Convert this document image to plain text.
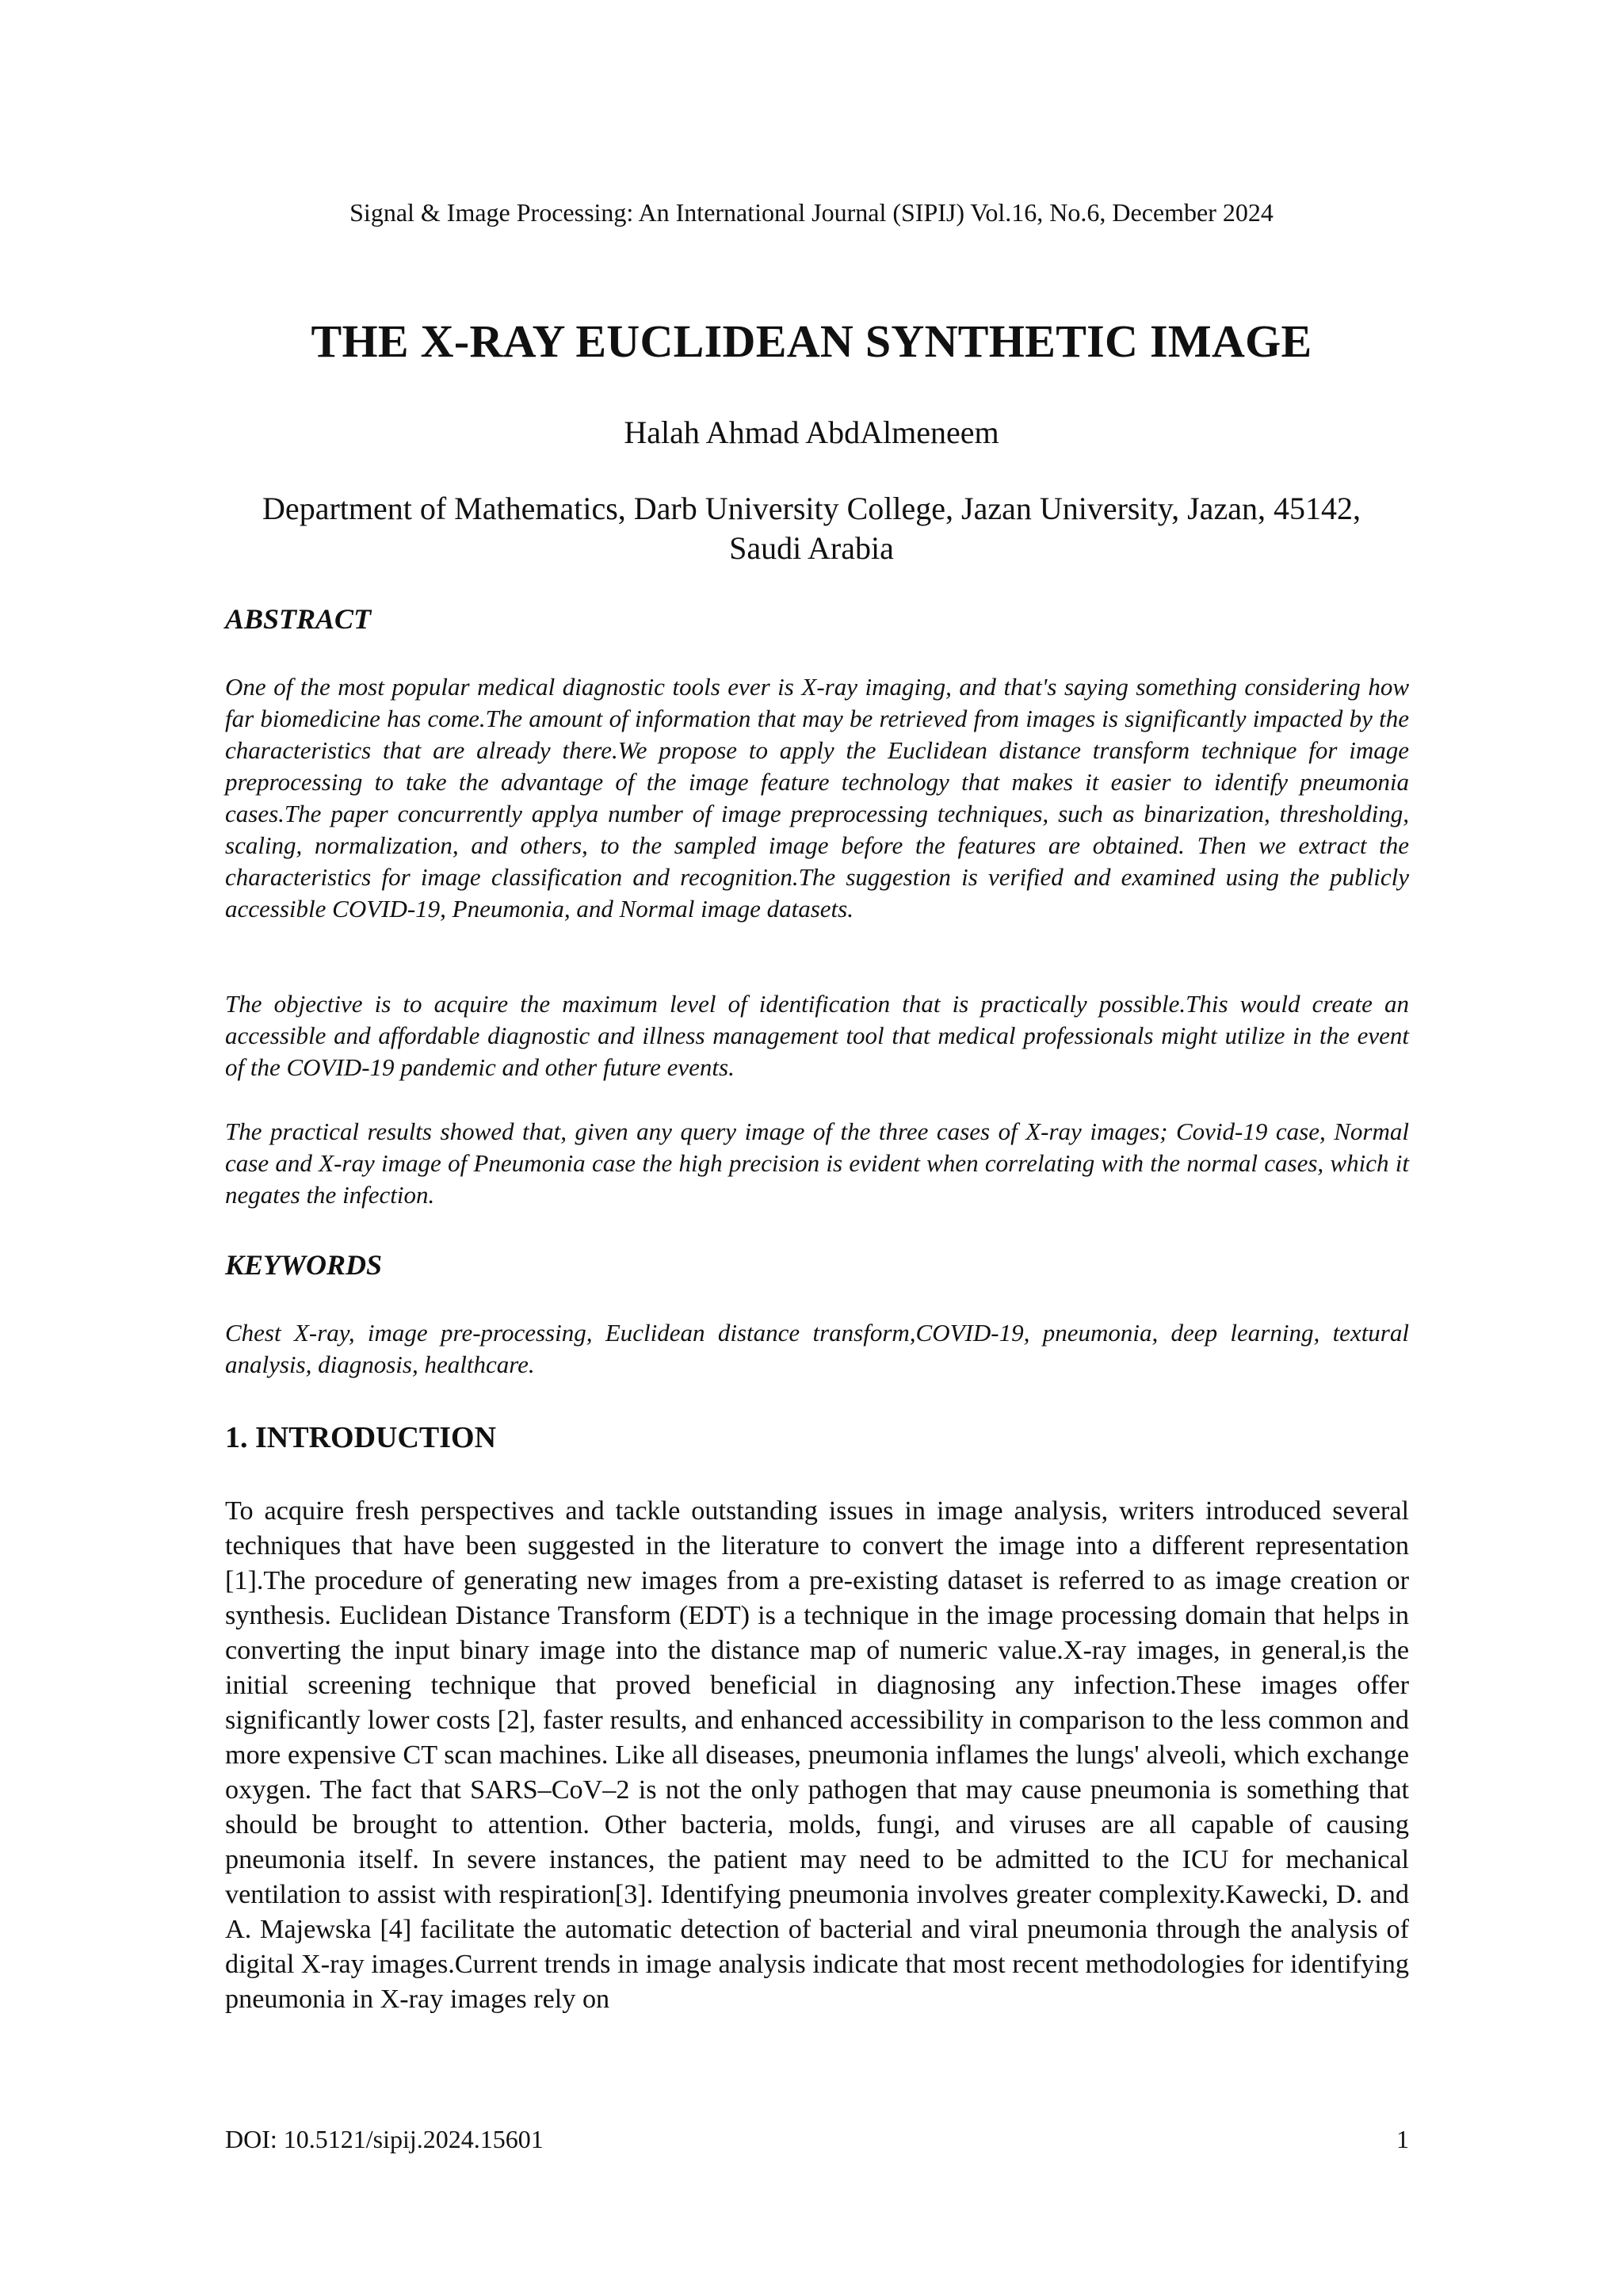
Signal & Image Processing: An International Journal (SIPIJ) Vol.16, No.6, December 2024
THE X-RAY EUCLIDEAN SYNTHETIC IMAGE
Halah Ahmad AbdAlmeneem
Department of Mathematics, Darb University College, Jazan University, Jazan, 45142,
Saudi Arabia
ABSTRACT

One of the most popular medical diagnostic tools ever is X-ray imaging, and that's saying something considering how far biomedicine has come.The amount of information that may be retrieved from images is significantly impacted by the characteristics that are already there.We propose to apply the Euclidean distance transform technique for image preprocessing to take the advantage of the image feature technology that makes it easier to identify pneumonia cases.The paper concurrently applya number of image preprocessing techniques, such as binarization, thresholding, scaling, normalization, and others, to the sampled image before the features are obtained. Then we extract the characteristics for image classification and recognition.The suggestion is verified and examined using the publicly accessible COVID-19, Pneumonia, and Normal image datasets.

The objective is to acquire the maximum level of identification that is practically possible.This would create an accessible and affordable diagnostic and illness management tool that medical professionals might utilize in the event of the COVID-19 pandemic and other future events.

The practical results showed that, given any query image of the three cases of X-ray images; Covid-19 case, Normal case and X-ray image of Pneumonia case the high precision is evident when correlating with the normal cases, which it negates the infection.

KEYWORDS

Chest X-ray, image pre-processing, Euclidean distance transform,COVID-19, pneumonia, deep learning, textural analysis, diagnosis, healthcare.

1. INTRODUCTION

To acquire fresh perspectives and tackle outstanding issues in image analysis, writers introduced several techniques that have been suggested in the literature to convert the image into a different representation [1].The procedure of generating new images from a pre-existing dataset is referred to as image creation or synthesis. Euclidean Distance Transform (EDT) is a technique in the image processing domain that helps in converting the input binary image into the distance map of numeric value.X-ray images, in general,is the initial screening technique that proved beneficial in diagnosing any infection.These images offer significantly lower costs [2], faster results, and enhanced accessibility in comparison to the less common and more expensive CT scan machines. Like all diseases, pneumonia inflames the lungs' alveoli, which exchange oxygen. The fact that SARS–CoV–2 is not the only pathogen that may cause pneumonia is something that should be brought to attention. Other bacteria, molds, fungi, and viruses are all capable of causing pneumonia itself. In severe instances, the patient may need to be admitted to the ICU for mechanical ventilation to assist with respiration[3]. Identifying pneumonia involves greater complexity.Kawecki, D. and A. Majewska [4] facilitate the automatic detection of bacterial and viral pneumonia through the analysis of digital X-ray images.Current trends in image analysis indicate that most recent methodologies for identifying pneumonia in X-ray images rely on

DOI: 10.5121/sipij.2024.15601	1
